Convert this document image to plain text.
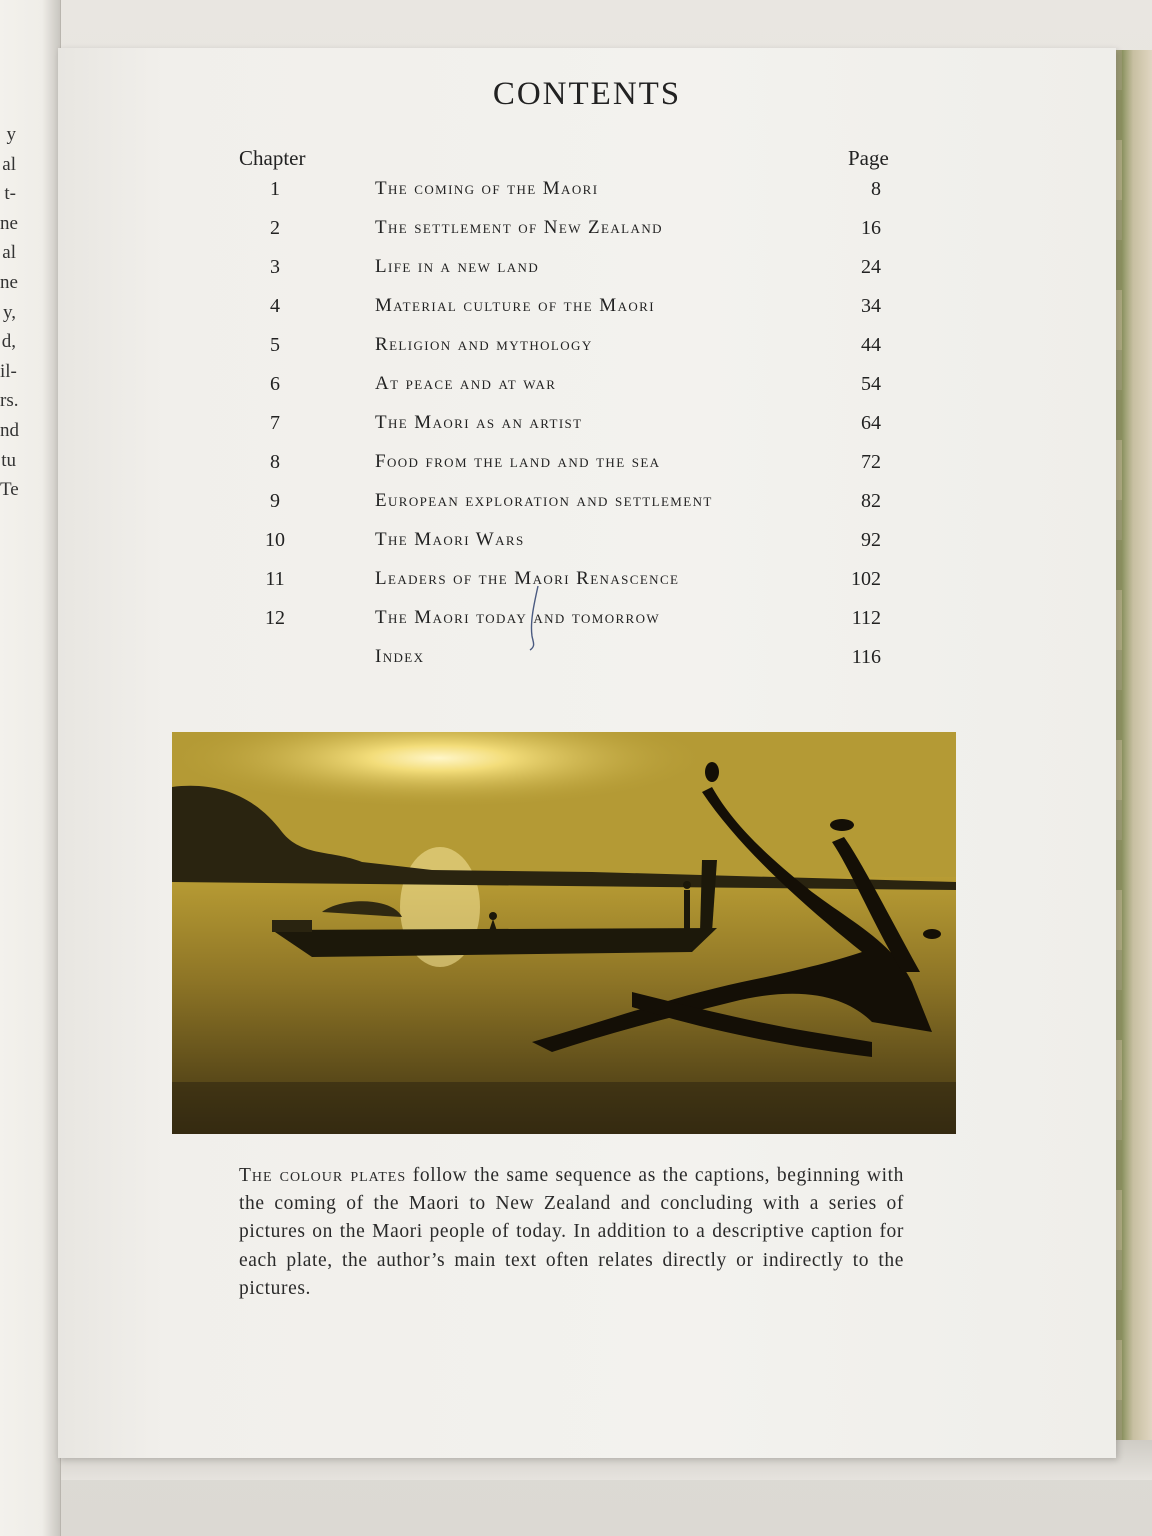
y
al
t-
ne
al
ne
y,
d,
il-
rs.
nd
tu
Te
CONTENTS
Chapter	Page
1	The coming of the Maori	8
2	The settlement of New Zealand	16
3	Life in a new land	24
4	Material culture of the Maori	34
5	Religion and mythology	44
6	At peace and at war	54
7	The Maori as an artist	64
8	Food from the land and the sea	72
9	European exploration and settlement	82
10	The Maori Wars	92
11	Leaders of the Maori Renascence	102
12	The Maori today and tomorrow	112
Index	116
The colour plates follow the same sequence as the captions, beginning with the coming of the Maori to New Zealand and concluding with a series of pictures on the Maori people of today. In addition to a descriptive caption for each plate, the author’s main text often relates directly or indirectly to the pictures.
